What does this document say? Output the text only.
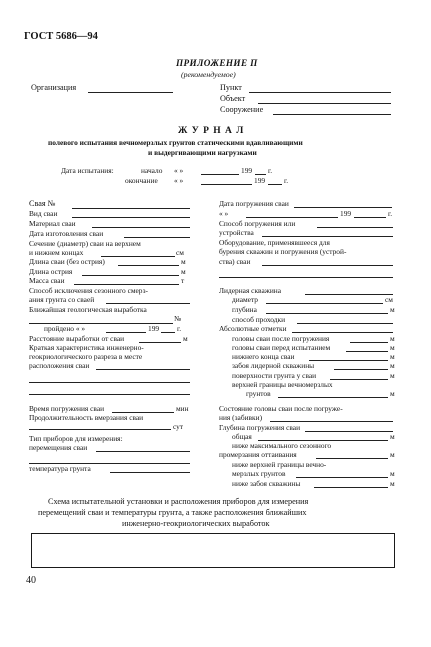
ГОСТ 5686—94
ПРИЛОЖЕНИЕ П
(рекомендуемое)
Организация	Пункт
Объект
Сооружение
Ж У Р Н А Л
полевого испытания вечномерзлых грунтов статическими вдавливающими
и выдергивающими нагрузками
Дата испытания:	начало « »	199 г.
окончание « »	199	г.
Свая №
Вид сваи
Материал сваи
Дата изготовления сваи
Сечение (диаметр) сваи на верхнем
и нижнем концах	см
Длина сваи (без острия)	м
Длина острия	м
Масса сваи	т
Способ исключения сезонного смерз-
ания грунта со сваей
Ближайшая геологическая выработка
№
пройдено « »	199 г.
Расстояние выработки от сваи	м
Краткая характеристика инженерно-
геокриологического разреза в месте
расположения сваи
Время погружения сваи	мин
Продолжительность вмерзания сваи
сут
Тип приборов для измерения:
перемещения сваи
температура грунта
Дата погружения сваи
« »	199	г.
Способ погружения или
устройства
Оборудование, применявшееся для
бурения скважин и погружения (устрой-
ства) сваи
Лидерная скважина
диаметр	см
глубина	м
способ проходки
Абсолютные отметки
головы сваи после погружения	м
головы сваи перед испытанием	м
нижнего конца сваи	м
забоя лидерной скважины	м
поверхности грунта у сваи	м
верхней границы вечномерзлых
грунтов	м
Состояние головы сваи после погруже-
ния (забивки)
Глубина погружения сваи
общая	м
ниже максимального сезонного
промерзания оттаивания	м
ниже верхней границы вечно-
мерзлых грунтов	м
ниже забоя скважины	м
Схема испытательной установки и расположения приборов для измерения
перемещений сваи и температуры грунта, а также расположения ближайших
инженерно-геокриологических выработок
40
